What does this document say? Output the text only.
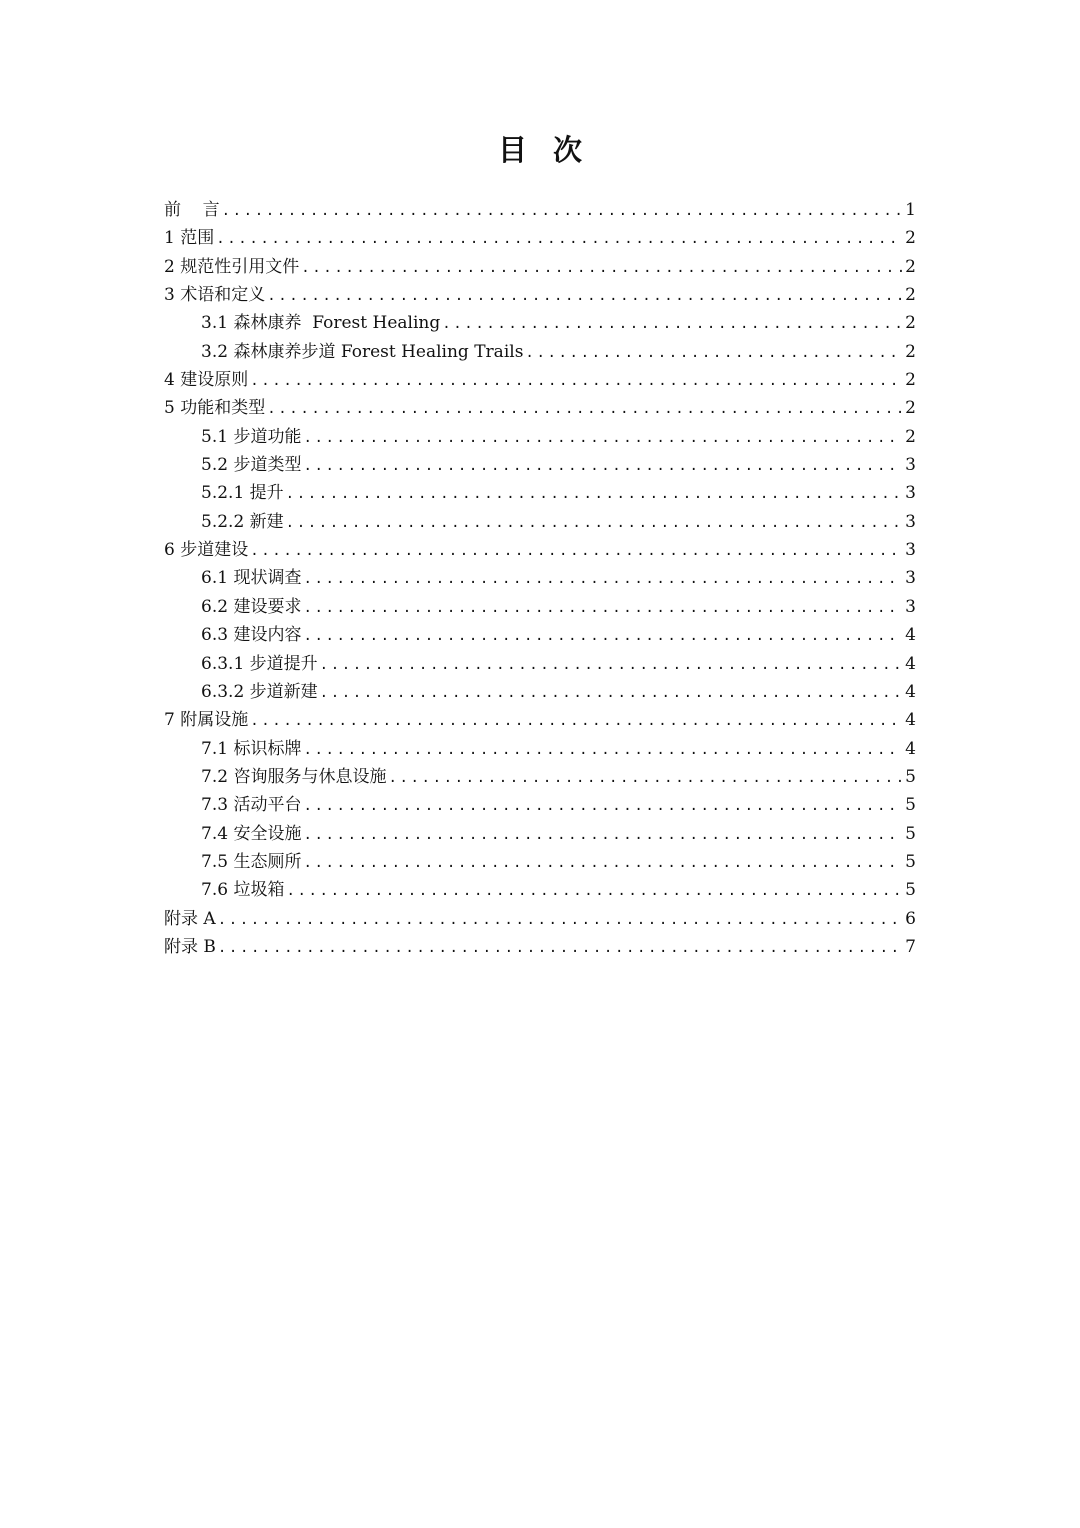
目 次
前    言 .....	1
1 范围 .....	2
2 规范性引用文件 .....	2
3 术语和定义 .....	2
3.1 森林康养  Forest Healing .....	2
3.2 森林康养步道 Forest Healing Trails .....	2
4 建设原则 .....	2
5 功能和类型 .....	2
5.1 步道功能 .....	2
5.2 步道类型 .....	3
5.2.1 提升 .....	3
5.2.2 新建 .....	3
6 步道建设 .....	3
6.1 现状调查 .....	3
6.2 建设要求 .....	3
6.3 建设内容 .....	4
6.3.1 步道提升 .....	4
6.3.2 步道新建 .....	4
7 附属设施 .....	4
7.1 标识标牌 .....	4
7.2 咨询服务与休息设施 .....	5
7.3 活动平台 .....	5
7.4 安全设施 .....	5
7.5 生态厕所 .....	5
7.6 垃圾箱 .....	5
附录 A .....	6
附录 B .....	7
